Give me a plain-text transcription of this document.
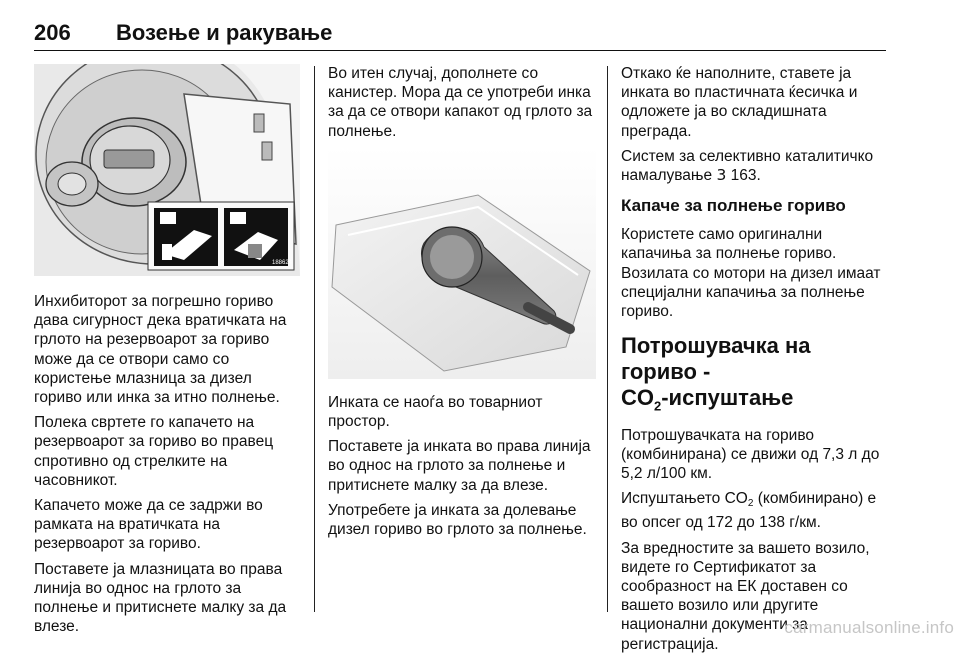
206 Возење и ракување
188624

Инхибиторот за погрешно гориво дава сигурност дека вратичката на грлото на резервоарот за гориво може да се отвори само со користење млазница за дизел гориво или инка за итно полнење.

Полека свртете го капачето на резервоарот за гориво во правец спротивно од стрелките на часовникот.

Капачето може да се задржи во рамката на вратичката на резервоарот за гориво.

Поставете ја млазницата во права линија во однос на грлото за полнење и притиснете малку за да влезе.

Во итен случај, дополнете со канистер. Мора да се употреби инка за да се отвори капакот од грлото за полнење.

Инката се наоѓа во товарниот простор.

Поставете ја инката во права линија во однос на грлото за полнење и притиснете малку за да влезе.

Употребете ја инката за долевање дизел гориво во грлото за полнење.

Откако ќе наполните, ставете ја инката во пластичната ќесичка и одложете ја во складишната преграда.

Систем за селективно каталитичко намалување 3 163.

Капаче за полнење гориво

Користете само оригинални капачиња за полнење гориво. Возилата со мотори на дизел имаат специјални капачиња за полнење гориво.

Потрошувачка на гориво -
$CO_2$-испуштање

Потрошувачката на гориво (комбинирана) се движи од 7,3 л до 5,2 л/100 км.

Испуштањето $CO_2$ (комбинирано) е во опсег од 172 до 138 г/км.

За вредностите за вашето возило, видете го Сертификатот за сообразност на ЕК доставен со вашето возило или другите национални документи за регистрација.

carmanualsonline.info
